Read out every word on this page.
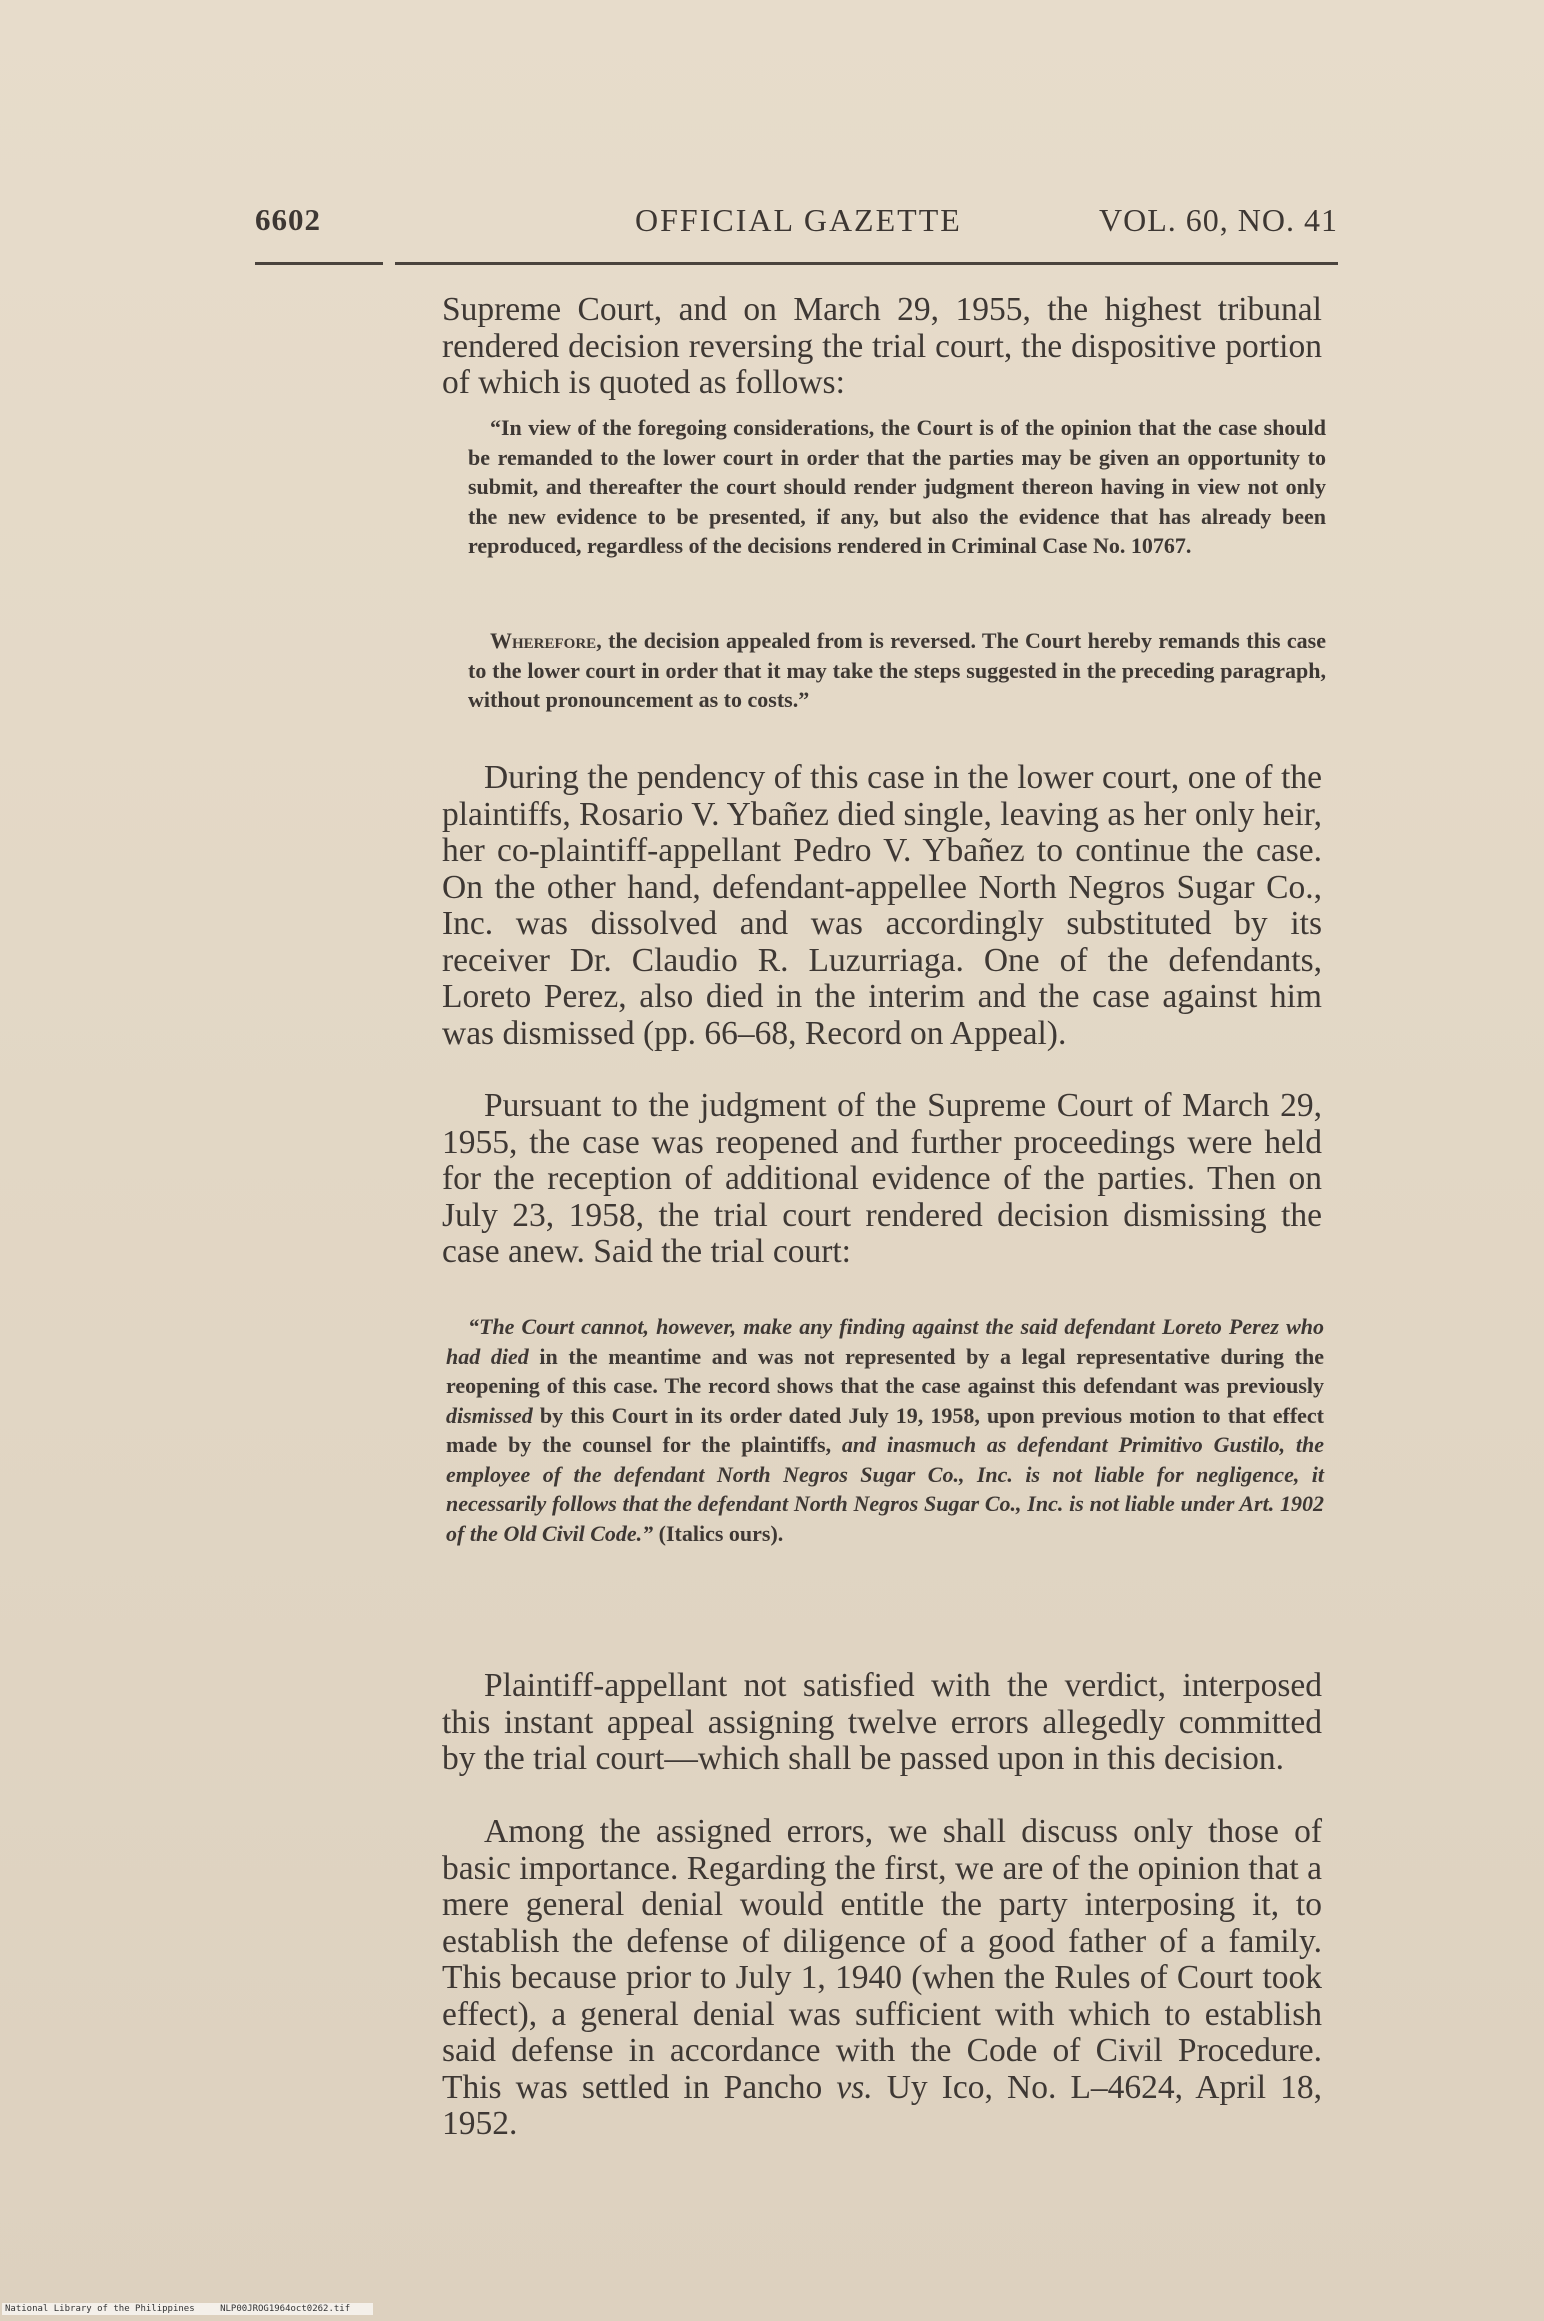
6602	OFFICIAL GAZETTE	VOL. 60, NO. 41

Supreme Court, and on March 29, 1955, the highest tribunal rendered decision reversing the trial court, the dispositive portion of which is quoted as follows:

“In view of the foregoing considerations, the Court is of the opinion that the case should be remanded to the lower court in order that the parties may be given an opportunity to submit, and thereafter the court should render judgment thereon having in view not only the new evidence to be presented, if any, but also the evidence that has already been reproduced, regardless of the decisions rendered in Criminal Case No. 10767.

Wherefore, the decision appealed from is reversed. The Court hereby remands this case to the lower court in order that it may take the steps suggested in the preceding paragraph, without pronouncement as to costs.”

During the pendency of this case in the lower court, one of the plaintiffs, Rosario V. Ybañez died single, leaving as her only heir, her co-plaintiff-appellant Pedro V. Ybañez to continue the case. On the other hand, defendant-appellee North Negros Sugar Co., Inc. was dissolved and was accordingly substituted by its receiver Dr. Claudio R. Luzurriaga. One of the defendants, Loreto Perez, also died in the interim and the case against him was dismissed (pp. 66–68, Record on Appeal).

Pursuant to the judgment of the Supreme Court of March 29, 1955, the case was reopened and further proceedings were held for the reception of additional evidence of the parties. Then on July 23, 1958, the trial court rendered decision dismissing the case anew. Said the trial court:

“The Court cannot, however, make any finding against the said defendant Loreto Perez who had died in the meantime and was not represented by a legal representative during the reopening of this case. The record shows that the case against this defendant was previously dismissed by this Court in its order dated July 19, 1958, upon previous motion to that effect made by the counsel for the plaintiffs, and inasmuch as defendant Primitivo Gustilo, the employee of the defendant North Negros Sugar Co., Inc. is not liable for negligence, it necessarily follows that the defendant North Negros Sugar Co., Inc. is not liable under Art. 1902 of the Old Civil Code.” (Italics ours).

Plaintiff-appellant not satisfied with the verdict, interposed this instant appeal assigning twelve errors allegedly committed by the trial court—which shall be passed upon in this decision.

Among the assigned errors, we shall discuss only those of basic importance. Regarding the first, we are of the opinion that a mere general denial would entitle the party interposing it, to establish the defense of diligence of a good father of a family. This because prior to July 1, 1940 (when the Rules of Court took effect), a general denial was sufficient with which to establish said defense in accordance with the Code of Civil Procedure. This was settled in Pancho vs. Uy Ico, No. L–4624, April 18, 1952.

National Library of the Philippines	NLP00JROG1964oct0262.tif
